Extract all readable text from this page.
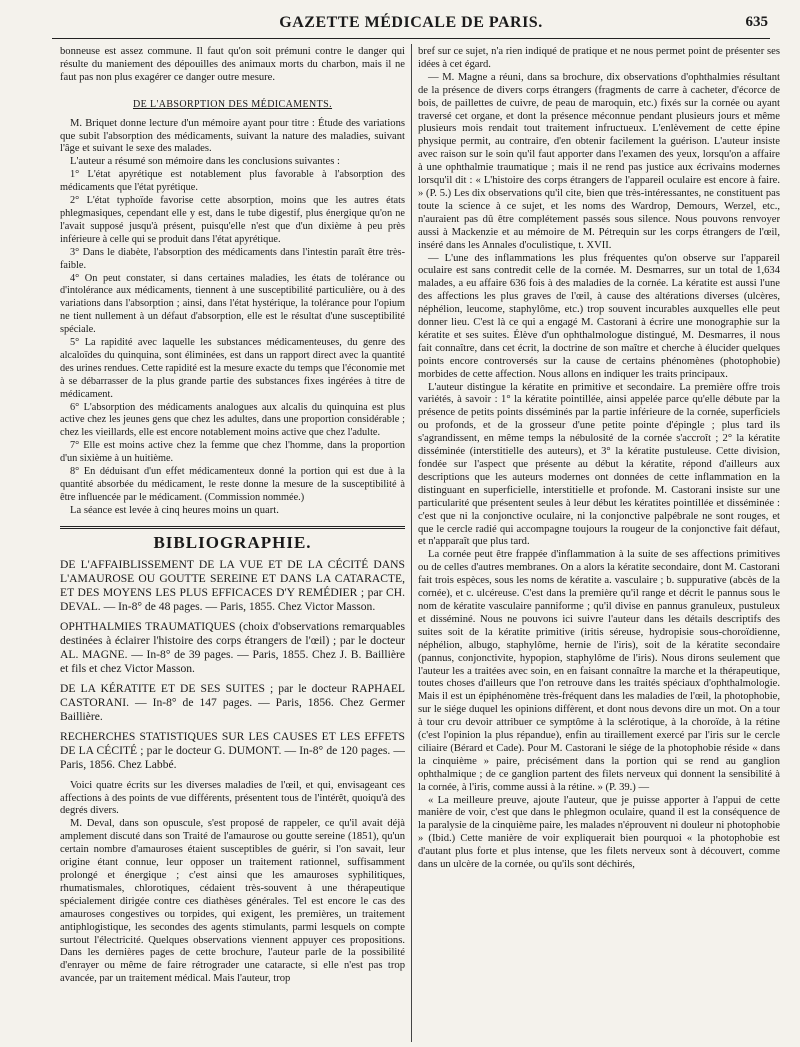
GAZETTE MÉDICALE DE PARIS.	635

bonneuse est assez commune. Il faut qu'on soit prémuni contre le danger qui résulte du maniement des dépouilles des animaux morts du charbon, mais il ne faut pas non plus exagérer ce danger outre mesure.

DE L'ABSORPTION DES MÉDICAMENTS.

M. Briquet donne lecture d'un mémoire ayant pour titre : Étude des variations que subit l'absorption des médicaments, suivant la nature des maladies, suivant l'âge et suivant le sexe des malades.

L'auteur a résumé son mémoire dans les conclusions suivantes :

1° L'état apyrétique est notablement plus favorable à l'absorption des médicaments que l'état pyrétique.

2° L'état typhoïde favorise cette absorption, moins que les autres états phlegmasiques, cependant elle y est, dans le tube digestif, plus énergique qu'on ne l'avait supposé jusqu'à présent, puisqu'elle n'est que d'un dixième à peu près inférieure à celle qui se produit dans l'état apyrétique.

3° Dans le diabète, l'absorption des médicaments dans l'intestin paraît être très-faible.

4° On peut constater, si dans certaines maladies, les états de tolérance ou d'intolérance aux médicaments, tiennent à une susceptibilité particulière, ou à des variations dans l'absorption ; ainsi, dans l'état hystérique, la tolérance pour l'opium ne tient nullement à un défaut d'absorption, elle est le résultat d'une susceptibilité spéciale.

5° La rapidité avec laquelle les substances médicamenteuses, du genre des alcaloïdes du quinquina, sont éliminées, est dans un rapport direct avec la quantité des urines rendues. Cette rapidité est la mesure exacte du temps que l'économie met à se débarrasser de la plus grande partie des substances fixes ingérées à titre de médicament.

6° L'absorption des médicaments analogues aux alcalis du quinquina est plus active chez les jeunes gens que chez les adultes, dans une proportion considérable ; chez les vieillards, elle est encore notablement moins active que chez l'adulte.

7° Elle est moins active chez la femme que chez l'homme, dans la proportion d'un sixième à un huitième.

8° En déduisant d'un effet médicamenteux donné la portion qui est due à la quantité absorbée du médicament, le reste donne la mesure de la susceptibilité à être influencée par le médicament. (Commission nommée.)

La séance est levée à cinq heures moins un quart.

BIBLIOGRAPHIE.

DE L'AFFAIBLISSEMENT DE LA VUE ET DE LA CÉCITÉ DANS L'AMAUROSE OU GOUTTE SEREINE ET DANS LA CATARACTE, ET DES MOYENS LES PLUS EFFICACES D'Y REMÉDIER ; par CH. DEVAL. — In-8° de 48 pages. — Paris, 1855. Chez Victor Masson.

OPHTHALMIES TRAUMATIQUES (choix d'observations remarquables destinées à éclairer l'histoire des corps étrangers de l'œil) ; par le docteur AL. MAGNE. — In-8° de 39 pages. — Paris, 1855. Chez J. B. Baillière et fils et chez Victor Masson.

DE LA KÉRATITE ET DE SES SUITES ; par le docteur RAPHAEL CASTORANI. — In-8° de 147 pages. — Paris, 1856. Chez Germer Baillière.

RECHERCHES STATISTIQUES SUR LES CAUSES ET LES EFFETS DE LA CÉCITÉ ; par le docteur G. DUMONT. — In-8° de 120 pages. — Paris, 1856. Chez Labbé.

Voici quatre écrits sur les diverses maladies de l'œil, et qui, envisageant ces affections à des points de vue différents, présentent tous de l'intérêt, quoiqu'à des degrés divers.

M. Deval, dans son opuscule, s'est proposé de rappeler, ce qu'il avait déjà amplement discuté dans son Traité de l'amaurose ou goutte sereine (1851), qu'un certain nombre d'amauroses étaient susceptibles de guérir, si l'on savait, leur origine étant connue, leur opposer un traitement rationnel, suffisamment prolongé et énergique ; c'est ainsi que les amauroses syphilitiques, rhumatismales, chlorotiques, cédaient très-souvent à une thérapeutique spécialement dirigée contre ces diathèses générales. Tel est encore le cas des amauroses congestives ou torpides, qui exigent, les premières, un traitement antiphlogistique, les secondes des agents stimulants, parmi lesquels on compte surtout l'électricité. Quelques observations viennent appuyer ces propositions. Dans les dernières pages de cette brochure, l'auteur parle de la possibilité d'enrayer ou même de faire rétrograder une cataracte, si elle n'est pas trop avancée, par un traitement médical. Mais l'auteur, trop

bref sur ce sujet, n'a rien indiqué de pratique et ne nous permet point de présenter ses idées à cet égard.

— M. Magne a réuni, dans sa brochure, dix observations d'ophthalmies résultant de la présence de divers corps étrangers (fragments de carre à cacheter, d'écorce de bois, de paillettes de cuivre, de peau de maroquin, etc.) fixés sur la cornée ou ayant traversé cet organe, et dont la présence méconnue pendant plusieurs jours et même plusieurs mois rendait tout traitement infructueux. L'enlèvement de cette épine physique permit, au contraire, d'en obtenir facilement la guérison. L'auteur insiste avec raison sur le soin qu'il faut apporter dans l'examen des yeux, lorsqu'on a affaire à une ophthalmie traumatique ; mais il ne rend pas justice aux écrivains modernes lorsqu'il dit : « L'histoire des corps étrangers de l'appareil oculaire est encore à faire. » (P. 5.) Les dix observations qu'il cite, bien que très-intéressantes, ne constituent pas toute la science à ce sujet, et les noms des Wardrop, Demours, Werzel, etc., n'auraient pas dû être complétement passés sous silence. Nous pouvons renvoyer aussi à Mackenzie et au mémoire de M. Pétrequin sur les corps étrangers de l'œil, inséré dans les Annales d'oculistique, t. XVII.

— L'une des inflammations les plus fréquentes qu'on observe sur l'appareil oculaire est sans contredit celle de la cornée. M. Desmarres, sur un total de 1,634 malades, a eu affaire 636 fois à des maladies de la cornée. La kératite est aussi l'une des affections les plus graves de l'œil, à cause des altérations diverses (ulcères, néphélion, leucome, staphylôme, etc.) trop souvent incurables auxquelles elle peut donner lieu. C'est là ce qui a engagé M. Castorani à écrire une monographie sur la kératite et ses suites. Élève d'un ophthalmologue distingué, M. Desmarres, il nous fait connaître, dans cet écrit, la doctrine de son maître et cherche à élucider quelques points encore controversés sur la cause de certains phénomènes (photophobie) morbides de cette affection. Nous allons en indiquer les traits principaux.

L'auteur distingue la kératite en primitive et secondaire. La première offre trois variétés, à savoir : 1° la kératite pointillée, ainsi appelée parce qu'elle débute par la présence de petits points disséminés par la partie inférieure de la cornée, superficiels ou profonds, et de la grosseur d'une petite pointe d'épingle ; plus tard ils s'agrandissent, en même temps la nébulosité de la cornée s'accroît ; 2° la kératite disséminée (interstitielle des auteurs), et 3° la kératite pustuleuse. Cette division, fondée sur l'aspect que présente au début la kératite, répond d'ailleurs aux descriptions que les auteurs modernes ont données de cette inflammation en la distinguant en superficielle, interstitielle et profonde. M. Castorani insiste sur une particularité que présentent seules à leur début les kératites pointillée et disséminée : c'est que ni la conjonctive oculaire, ni la conjonctive palpébrale ne sont rouges, et que le cercle radié qui accompagne toujours la rougeur de la conjonctive fait défaut, et n'apparaît que plus tard.

La cornée peut être frappée d'inflammation à la suite de ses affections primitives ou de celles d'autres membranes. On a alors la kératite secondaire, dont M. Castorani fait trois espèces, sous les noms de kératite a. vasculaire ; b. suppurative (abcès de la cornée), et c. ulcéreuse. C'est dans la première qu'il range et décrit le pannus sous le nom de kératite vasculaire panniforme ; qu'il divise en pannus granuleux, pustuleux et disséminé. Nous ne pouvons ici suivre l'auteur dans les détails descriptifs des suites soit de la kératite primitive (iritis séreuse, hydropisie sous-choroïdienne, néphélion, albugo, staphylôme, hernie de l'iris), soit de la kératite secondaire (pannus, conjonctivite, hypopion, staphylôme de l'iris). Nous dirons seulement que l'auteur les a traitées avec soin, en en faisant connaître la marche et la thérapeutique, toutes choses d'ailleurs que l'on retrouve dans les traités spéciaux d'ophthalmologie. Mais il est un épiphénomène très-fréquent dans les maladies de l'œil, la photophobie, sur le siége duquel les opinions diffèrent, et dont nous devons dire un mot. On a tour à tour cru devoir attribuer ce symptôme à la sclérotique, à la choroïde, à la rétine (c'est l'opinion la plus répandue), enfin au tiraillement exercé par l'iris sur le cercle ciliaire (Bérard et Cade). Pour M. Castorani le siége de la photophobie réside « dans la cinquième » paire, précisément dans la portion qui se rend au ganglion ophthalmique ; de ce ganglion partent des filets nerveux qui donnent la sensibilité à la cornée, à l'iris, comme aussi à la rétine. » (P. 39.) —

« La meilleure preuve, ajoute l'auteur, que je puisse apporter à l'appui de cette manière de voir, c'est que dans le phlegmon oculaire, quand il est la conséquence de la paralysie de la cinquième paire, les malades n'éprouvent ni douleur ni photophobie » (Ibid.) Cette manière de voir expliquerait bien pourquoi « la photophobie est d'autant plus forte et plus intense, que les filets nerveux sont à découvert, comme dans un ulcère de la cornée, ou qu'ils sont déchirés,
